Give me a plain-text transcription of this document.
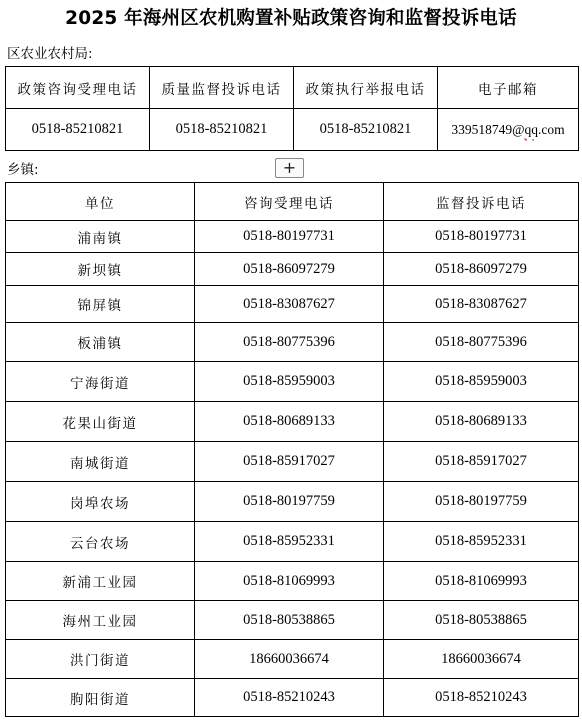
2025 年海州区农机购置补贴政策咨询和监督投诉电话
区农业农村局:
政策咨询受理电话	质量监督投诉电话	政策执行举报电话	电子邮箱
0518-85210821	0518-85210821	0518-85210821	339518749@qq.com
乡镇:	+
单位	咨询受理电话	监督投诉电话
浦南镇	0518-80197731	0518-80197731
新坝镇	0518-86097279	0518-86097279
锦屏镇	0518-83087627	0518-83087627
板浦镇	0518-80775396	0518-80775396
宁海街道	0518-85959003	0518-85959003
花果山街道	0518-80689133	0518-80689133
南城街道	0518-85917027	0518-85917027
岗埠农场	0518-80197759	0518-80197759
云台农场	0518-85952331	0518-85952331
新浦工业园	0518-81069993	0518-81069993
海州工业园	0518-80538865	0518-80538865
洪门街道	18660036674	18660036674
朐阳街道	0518-85210243	0518-85210243
